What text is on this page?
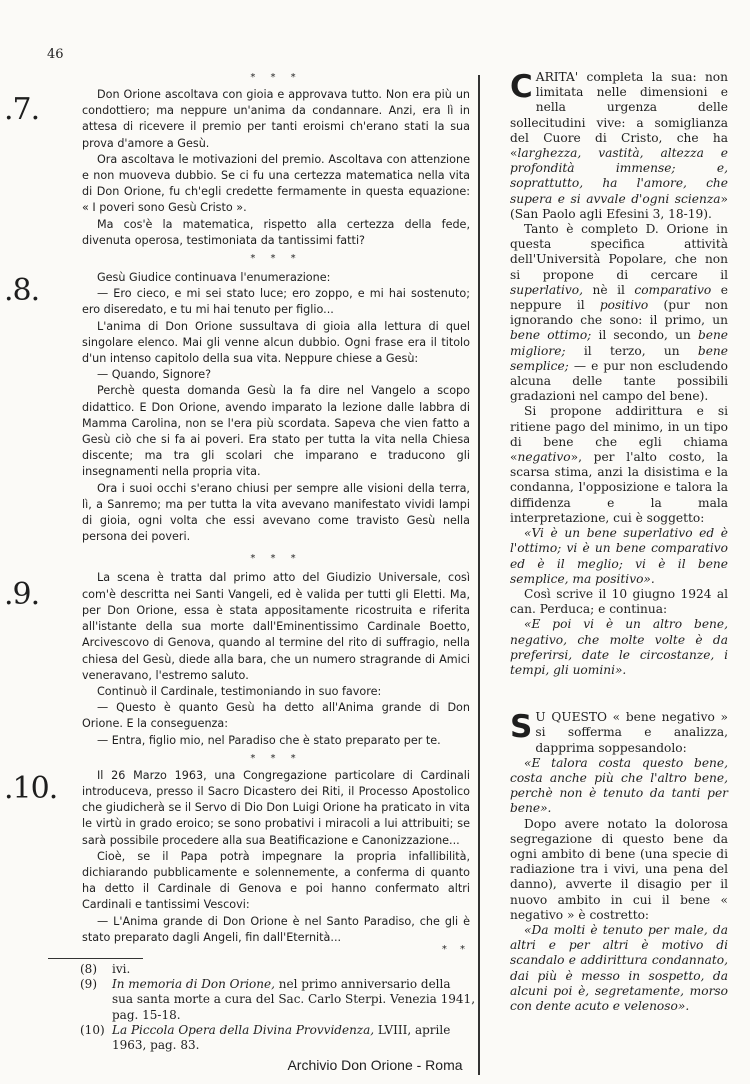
46
* * *
.7.	Don Orione ascoltava con gioia e approvava tutto. Non era più un condottiero; ma neppure un'anima da condannare. Anzi, era lì in attesa di ricevere il premio per tanti eroismi ch'erano stati la sua prova d'amore a Gesù.

Ora ascoltava le motivazioni del premio. Ascoltava con attenzione e non muoveva dubbio. Se ci fu una certezza matematica nella vita di Don Orione, fu ch'egli credette fermamente in questa equazione: « I poveri sono Gesù Cristo ».

Ma cos'è la matematica, rispetto alla certezza della fede, divenuta operosa, testimoniata da tantissimi fatti?

* * *
.8.	Gesù Giudice continuava l'enumerazione:

— Ero cieco, e mi sei stato luce; ero zoppo, e mi hai sostenuto; ero diseredato, e tu mi hai tenuto per figlio...

L'anima di Don Orione sussultava di gioia alla lettura di quel singolare elenco. Mai gli venne alcun dubbio. Ogni frase era il titolo d'un intenso capitolo della sua vita. Neppure chiese a Gesù:

— Quando, Signore?

Perchè questa domanda Gesù la fa dire nel Vangelo a scopo didattico. E Don Orione, avendo imparato la lezione dalle labbra di Mamma Carolina, non se l'era più scordata. Sapeva che vien fatto a Gesù ciò che si fa ai poveri. Era stato per tutta la vita nella Chiesa discente; ma tra gli scolari che imparano e traducono gli insegnamenti nella propria vita.

Ora i suoi occhi s'erano chiusi per sempre alle visioni della terra, lì, a Sanremo; ma per tutta la vita avevano manifestato vividi lampi di gioia, ogni volta che essi avevano come travisto Gesù nella persona dei poveri.

* * *
.9.	La scena è tratta dal primo atto del Giudizio Universale, così com'è descritta nei Santi Vangeli, ed è valida per tutti gli Eletti. Ma, per Don Orione, essa è stata appositamente ricostruita e riferita all'istante della sua morte dall'Eminentissimo Cardinale Boetto, Arcivescovo di Genova, quando al termine del rito di suffragio, nella chiesa del Gesù, diede alla bara, che un numero stragrande di Amici veneravano, l'estremo saluto.

Continuò il Cardinale, testimoniando in suo favore:

— Questo è quanto Gesù ha detto all'Anima grande di Don Orione. E la conseguenza:

— Entra, figlio mio, nel Paradiso che è stato preparato per te.

* * *
.10.	Il 26 Marzo 1963, una Congregazione particolare di Cardinali introduceva, presso il Sacro Dicastero dei Riti, il Processo Apostolico che giudicherà se il Servo di Dio Don Luigi Orione ha praticato in vita le virtù in grado eroico; se sono probativi i miracoli a lui attribuiti; se sarà possibile procedere alla sua Beatificazione e Canonizzazione...

Cioè, se il Papa potrà impegnare la propria infallibilità, dichiarando pubblicamente e solennemente, a conferma di quanto ha detto il Cardinale di Genova e poi hanno confermato altri Cardinali e tantissimi Vescovi:

— L'Anima grande di Don Orione è nel Santo Paradiso, che gli è stato preparato dagli Angeli, fin dall'Eternità...

* *
(8)	ivi.
(9)	In memoria di Don Orione, nel primo anniversario della sua santa morte a cura del Sac. Carlo Sterpi. Venezia 1941, pag. 15-18.
(10) La Piccola Opera della Divina Provvidenza, LVIII, aprile 1963, pag. 83.

CARITA' completa la sua: non limitata nelle dimensioni e nella urgenza delle sollecitudini vive: a somiglianza del Cuore di Cristo, che ha «larghezza, vastità, altezza e profondità immense; e, soprattutto, ha l'amore, che supera e si avvale d'ogni scienza» (San Paolo agli Efesini 3, 18-19).

Tanto è completo D. Orione in questa specifica attività dell'Università Popolare, che non si propone di cercare il superlativo, nè il comparativo e neppure il positivo (pur non ignorando che sono: il primo, un bene ottimo; il secondo, un bene migliore; il terzo, un bene semplice; — e pur non escludendo alcuna delle tante possibili gradazioni nel campo del bene).

Si propone addirittura e si ritiene pago del minimo, in un tipo di bene che egli chiama «negativo», per l'alto costo, la scarsa stima, anzi la disistima e la condanna, l'opposizione e talora la diffidenza e la mala interpretazione, cui è soggetto:

«Vi è un bene superlativo ed è l'ottimo; vi è un bene comparativo ed è il meglio; vi è il bene semplice, ma positivo».

Così scrive il 10 giugno 1924 al can. Perduca; e continua:

«E poi vi è un altro bene, negativo, che molte volte è da preferirsi, date le circostanze, i tempi, gli uomini».

S U QUESTO « bene negativo » si sofferma e analizza, dapprima soppesandolo:

«E talora costa questo bene, costa anche più che l'altro bene, perchè non è tenuto da tanti per bene».

Dopo avere notato la dolorosa segregazione di questo bene da ogni ambito di bene (una specie di radiazione tra i vivi, una pena del danno), avverte il disagio per il nuovo ambito in cui il bene « negativo » è costretto:

«Da molti è tenuto per male, da altri e per altri è motivo di scandalo e addirittura condannato, dai più è messo in sospetto, da alcuni poi è, segretamente, morso con dente acuto e velenoso».

Archivio Don Orione - Roma
